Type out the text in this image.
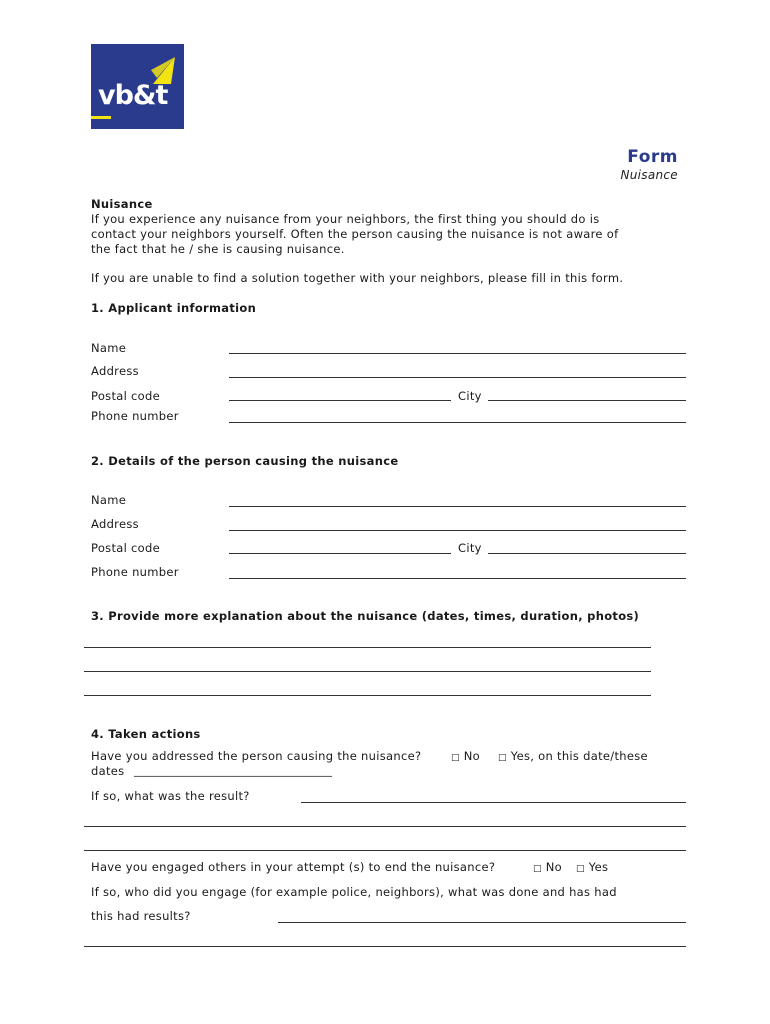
vb&t
Form
Nuisance
Nuisance
If you experience any nuisance from your neighbors, the first thing you should do is
contact your neighbors yourself. Often the person causing the nuisance is not aware of
the fact that he / she is causing nuisance.
If you are unable to find a solution together with your neighbors, please fill in this form.
1. Applicant information
Name
Address
Postal code	City
Phone number
2. Details of the person causing the nuisance
Name
Address
Postal code	City
Phone number
3. Provide more explanation about the nuisance (dates, times, duration, photos)
4. Taken actions
Have you addressed the person causing the nuisance?	□ No □ Yes, on this date/these
dates ____________________________________
If so, what was the result?
Have you engaged others in your attempt (s) to end the nuisance?	□ No □ Yes
If so, who did you engage (for example police, neighbors), what was done and has had
this had results?
